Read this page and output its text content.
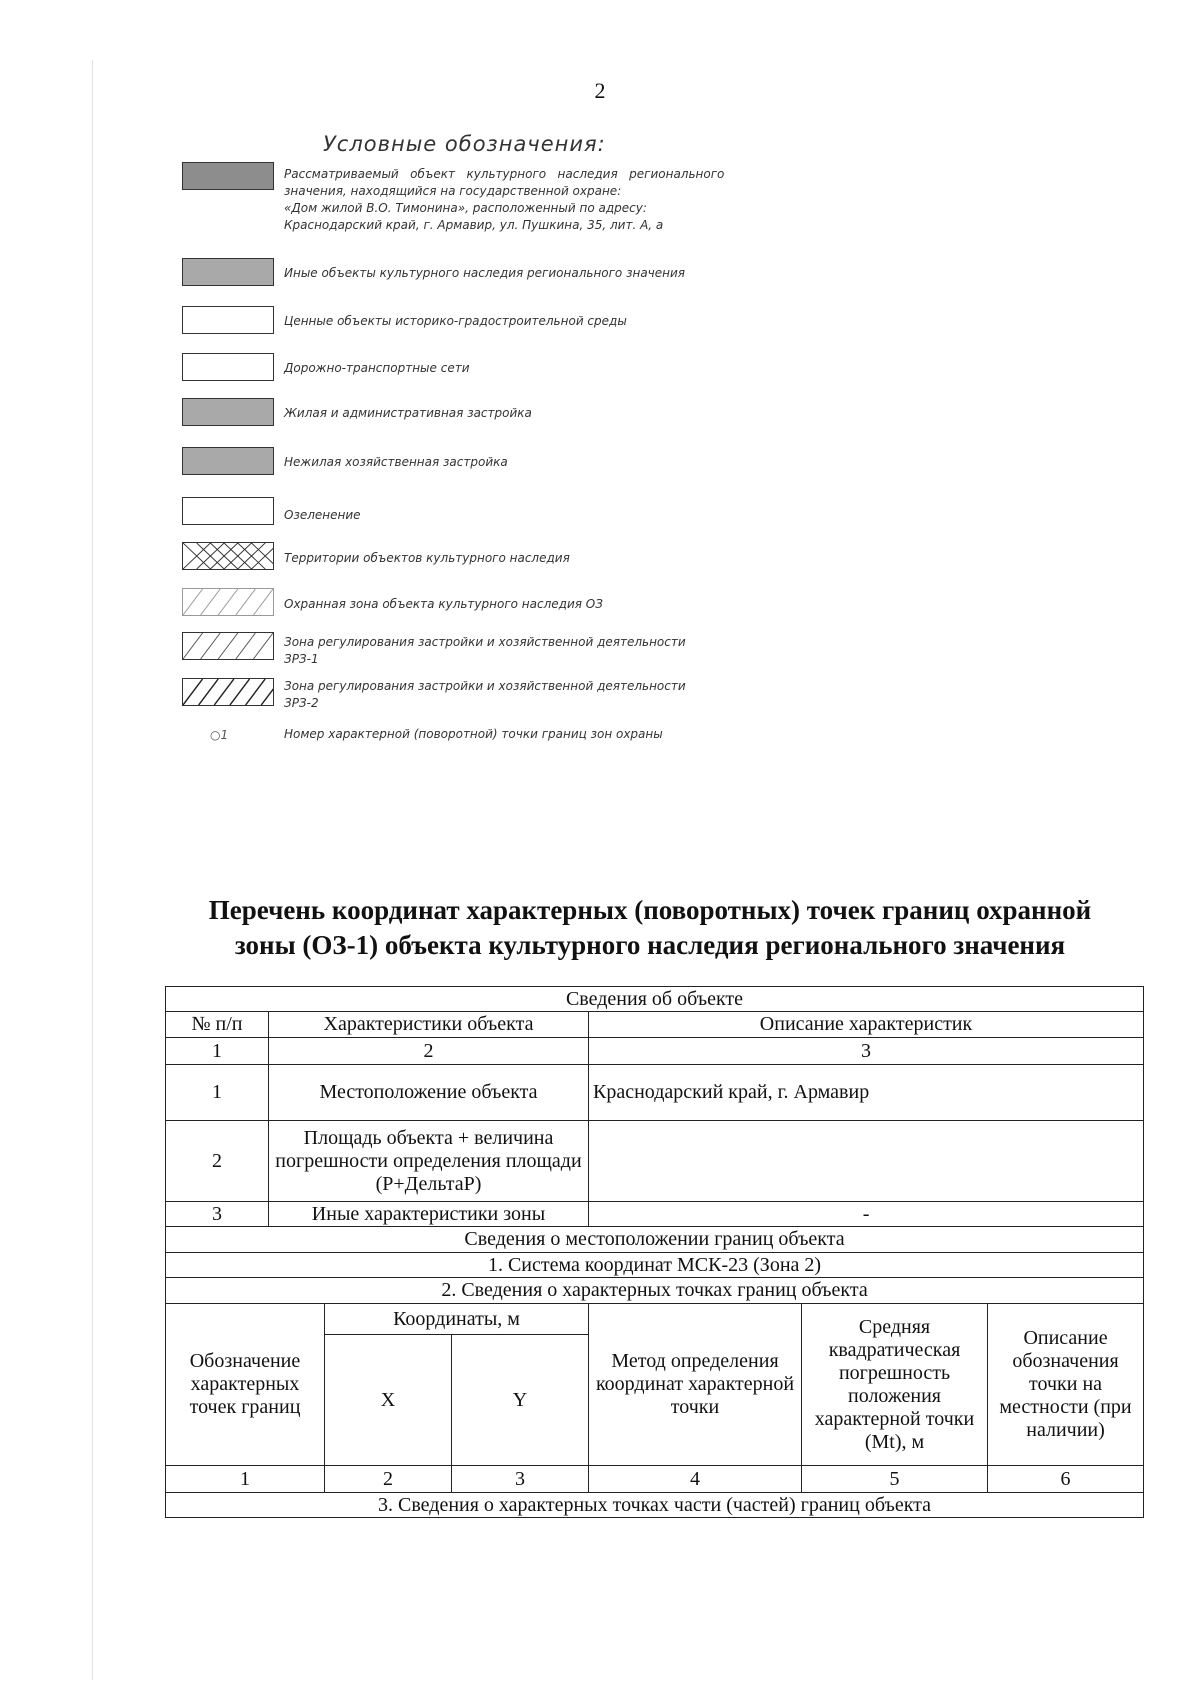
2
Условные обозначения:
Рассматриваемый   объект   культурного   наследия   регионального
значения, находящийся на государственной охране:
«Дом жилой В.О. Тимонина», расположенный по адресу:
Краснодарский край, г. Армавир, ул. Пушкина, 35, лит. А, а
Иные объекты культурного наследия регионального значения
Ценные объекты историко-градостроительной среды
Дорожно-транспортные сети
Жилая и административная застройка
Нежилая хозяйственная застройка
Озеленение
Территории объектов культурного наследия
Охранная зона объекта культурного наследия ОЗ
Зона регулирования застройки и хозяйственной деятельности
ЗРЗ-1
Зона регулирования застройки и хозяйственной деятельности
ЗРЗ-2
○1	Номер характерной (поворотной) точки границ зон охраны
Перечень координат характерных (поворотных) точек границ охранной
зоны (ОЗ-1) объекта культурного наследия регионального значения
Сведения об объекте						
№ п/п	Характеристики объекта			Описание характеристик		
1	2			3		
1	Местоположение объекта			Краснодарский край, г. Армавир		
2	Площадь объекта + величина погрешности определения площади (Р+ДельтаР)					
3	Иные характеристики зоны			-		
Сведения о местоположении границ объекта						
1. Система координат МСК-23 (Зона 2)						
2. Сведения о характерных точках границ объекта						
Обозначение характерных точек границ		Координаты, м		Метод определения координат характерной точки	Средняя квадратическая погрешность положения характерной точки (Mt), м	Описание обозначения точки на местности (при наличии)
		X	Y			
1		2	3	4	5	6
3. Сведения о характерных точках части (частей) границ объекта						
